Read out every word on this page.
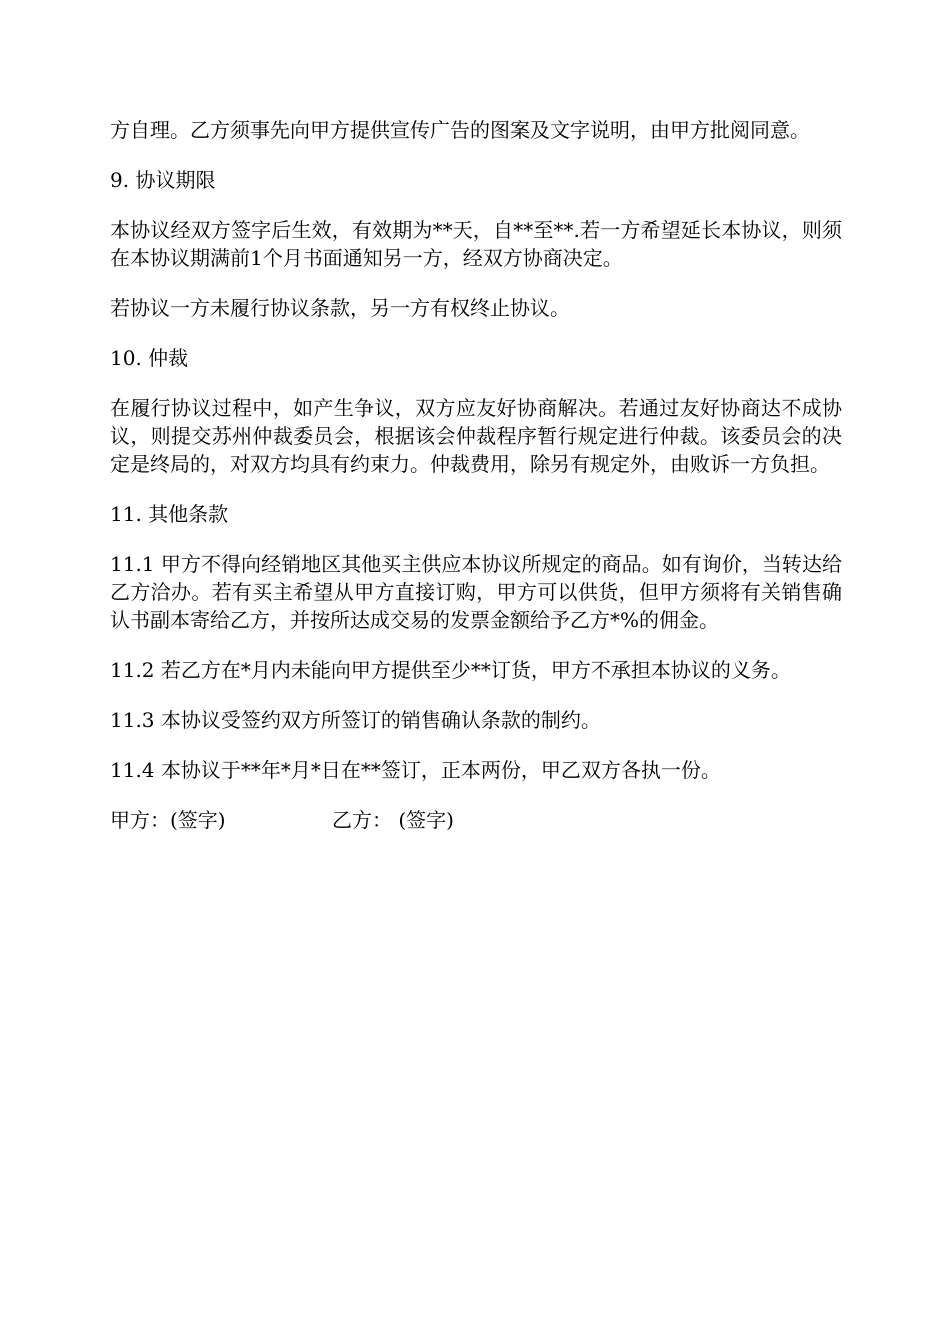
方自理。乙方须事先向甲方提供宣传广告的图案及文字说明，由甲方批阅同意。

9. 协议期限

本协议经双方签字后生效，有效期为**天，自**至**.若一方希望延长本协议，则须在本协议期满前1个月书面通知另一方，经双方协商决定。

若协议一方未履行协议条款，另一方有权终止协议。

10. 仲裁

在履行协议过程中，如产生争议，双方应友好协商解决。若通过友好协商达不成协议，则提交苏州仲裁委员会，根据该会仲裁程序暂行规定进行仲裁。该委员会的决定是终局的，对双方均具有约束力。仲裁费用，除另有规定外，由败诉一方负担。

11. 其他条款

11.1 甲方不得向经销地区其他买主供应本协议所规定的商品。如有询价，当转达给乙方洽办。若有买主希望从甲方直接订购，甲方可以供货，但甲方须将有关销售确认书副本寄给乙方，并按所达成交易的发票金额给予乙方*%的佣金。

11.2 若乙方在*月内未能向甲方提供至少**订货，甲方不承担本协议的义务。

11.3 本协议受签约双方所签订的销售确认条款的制约。

11.4 本协议于**年*月*日在**签订，正本两份，甲乙双方各执一份。

甲方：(签字)	乙方： (签字)
